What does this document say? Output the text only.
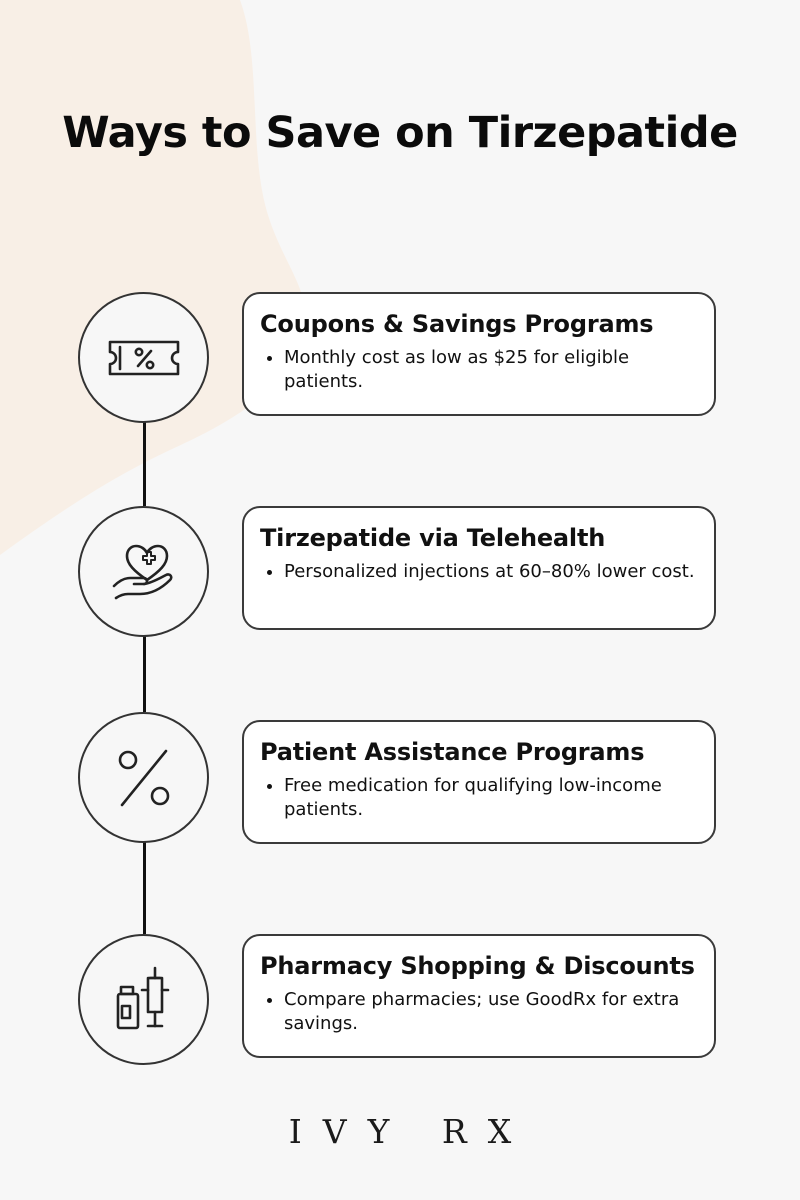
Ways to Save on Tirzepatide
Coupons & Savings Programs
• Monthly cost as low as $25 for eligible patients.
Tirzepatide via Telehealth
• Personalized injections at 60–80% lower cost.
Patient Assistance Programs
• Free medication for qualifying low-income patients.
Pharmacy Shopping & Discounts
• Compare pharmacies; use GoodRx for extra savings.
IVY RX
